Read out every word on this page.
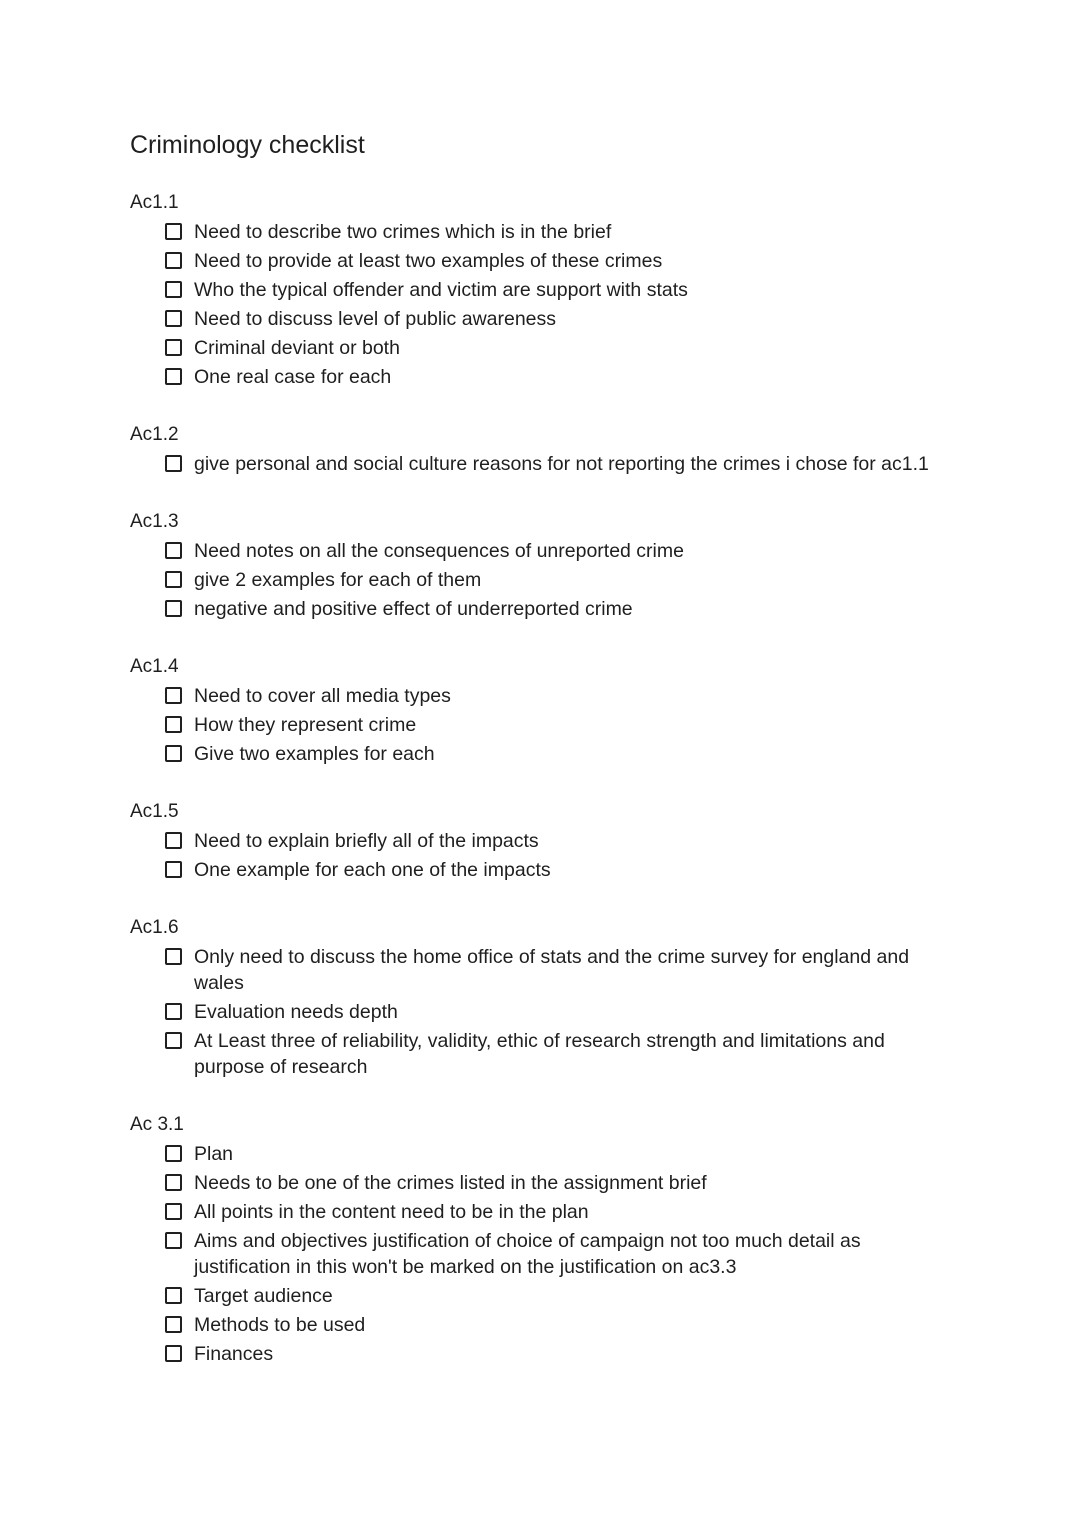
Criminology checklist
Ac1.1
Need to describe two crimes which is in the brief
Need to provide at least two examples of these crimes
Who the typical offender and victim are support with stats
Need to discuss level of public awareness
Criminal deviant or both
One real case for each
Ac1.2
give personal and social culture reasons for not reporting the crimes i chose for ac1.1
Ac1.3
Need notes on all the consequences of unreported crime
give 2 examples for each of them
negative and positive effect of underreported crime
Ac1.4
Need to cover all media types
How they represent crime
Give two examples for each
Ac1.5
Need to explain briefly all of the impacts
One example for each one of the impacts
Ac1.6
Only need to discuss the home office of stats and the crime survey for england and wales
Evaluation needs depth
At Least three of reliability, validity, ethic of research strength and limitations and purpose of research
Ac 3.1
Plan
Needs to be one of the crimes listed in the assignment brief
All points in the content need to be in the plan
Aims and objectives justification of choice of campaign not too much detail as justification in this won't be marked on the justification on ac3.3
Target audience
Methods to be used
Finances
